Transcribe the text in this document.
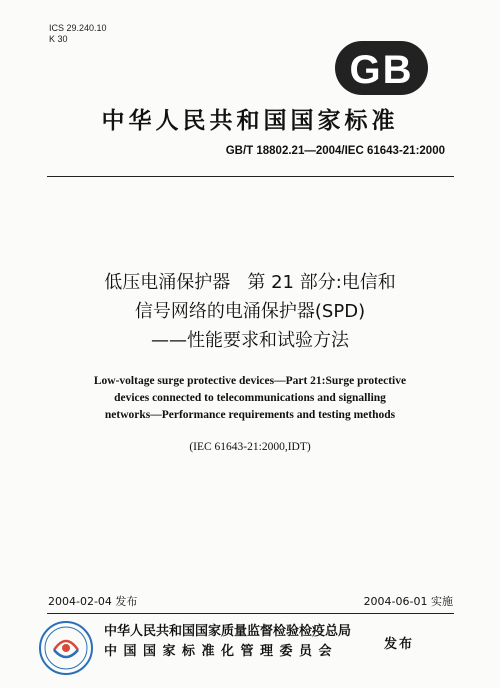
ICS 29.240.10
K 30
GB
中华人民共和国国家标准
GB/T 18802.21—2004/IEC 61643-21:2000
低压电涌保护器   第 21 部分:电信和
信号网络的电涌保护器(SPD)
——性能要求和试验方法
Low-voltage surge protective devices—Part 21:Surge protective
devices connected to telecommunications and signalling
networks—Performance requirements and testing methods
(IEC 61643-21:2000,IDT)
2004-02-04 发布	2004-06-01 实施
中华人民共和国国家质量监督检验检疫总局
中国国家标准化管理委员会	发布
